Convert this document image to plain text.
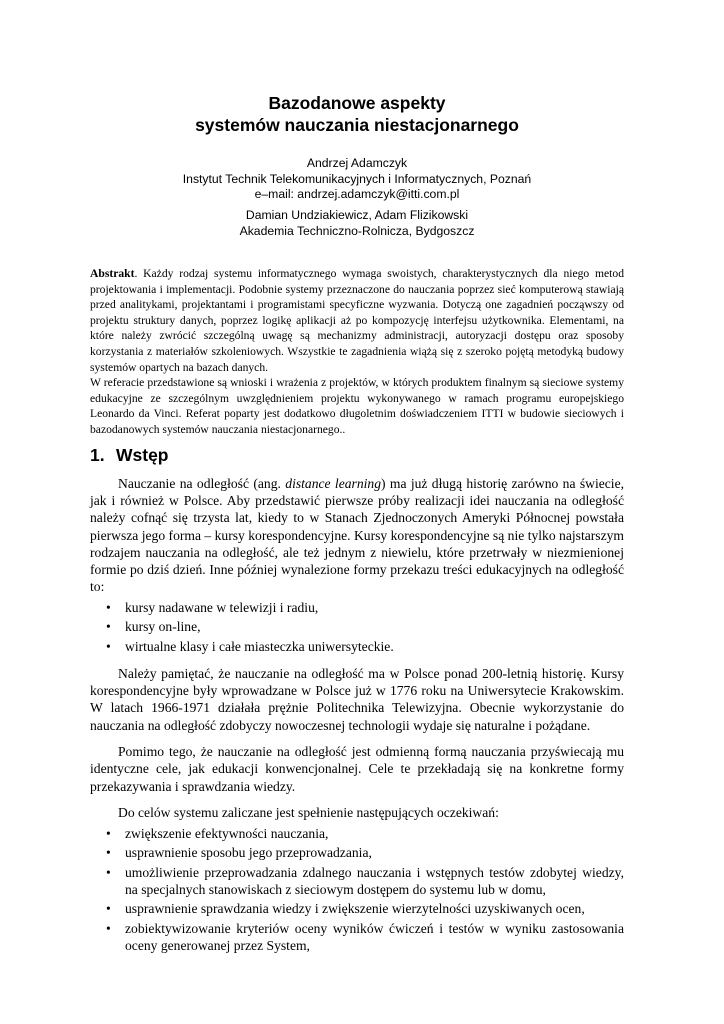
Bazodanowe aspekty
systemów nauczania niestacjonarnego
Andrzej Adamczyk
Instytut Technik Telekomunikacyjnych i Informatycznych, Poznań
e–mail: andrzej.adamczyk@itti.com.pl
Damian Undziakiewicz, Adam Flizikowski
Akademia Techniczno-Rolnicza, Bydgoszcz

Abstrakt. Każdy rodzaj systemu informatycznego wymaga swoistych, charakterystycznych dla niego metod projektowania i implementacji. Podobnie systemy przeznaczone do nauczania poprzez sieć komputerową stawiają przed analitykami, projektantami i programistami specyficzne wyzwania. Dotyczą one zagadnień począwszy od projektu struktury danych, poprzez logikę aplikacji aż po kompozycję interfejsu użytkownika. Elementami, na które należy zwrócić szczególną uwagę są mechanizmy administracji, autoryzacji dostępu oraz sposoby korzystania z materiałów szkoleniowych. Wszystkie te zagadnienia wiążą się z szeroko pojętą metodyką budowy systemów opartych na bazach danych.

W referacie przedstawione są wnioski i wrażenia z projektów, w których produktem finalnym są sieciowe systemy edukacyjne ze szczególnym uwzględnieniem projektu wykonywanego w ramach programu europejskiego Leonardo da Vinci. Referat poparty jest dodatkowo długoletnim doświadczeniem ITTI w budowie sieciowych i bazodanowych systemów nauczania niestacjonarnego..

1. Wstęp

Nauczanie na odległość (ang. distance learning) ma już długą historię zarówno na świecie, jak i również w Polsce. Aby przedstawić pierwsze próby realizacji idei nauczania na odległość należy cofnąć się trzysta lat, kiedy to w Stanach Zjednoczonych Ameryki Północnej powstała pierwsza jego forma – kursy korespondencyjne. Kursy korespondencyjne są nie tylko najstarszym rodzajem nauczania na odległość, ale też jednym z niewielu, które przetrwały w niezmienionej formie po dziś dzień. Inne później wynalezione formy przekazu treści edukacyjnych na odległość to:

• kursy nadawane w telewizji i radiu,
• kursy on-line,
• wirtualne klasy i całe miasteczka uniwersyteckie.

Należy pamiętać, że nauczanie na odległość ma w Polsce ponad 200-letnią historię. Kursy korespondencyjne były wprowadzane w Polsce już w 1776 roku na Uniwersytecie Krakowskim. W latach 1966-1971 działała prężnie Politechnika Telewizyjna. Obecnie wykorzystanie do nauczania na odległość zdobyczy nowoczesnej technologii wydaje się naturalne i pożądane.

Pomimo tego, że nauczanie na odległość jest odmienną formą nauczania przyświecają mu identyczne cele, jak edukacji konwencjonalnej. Cele te przekładają się na konkretne formy przekazywania i sprawdzania wiedzy.

Do celów systemu zaliczane jest spełnienie następujących oczekiwań:

• zwiększenie efektywności nauczania,
• usprawnienie sposobu jego przeprowadzania,
• umożliwienie przeprowadzania zdalnego nauczania i wstępnych testów zdobytej wiedzy, na specjalnych stanowiskach z sieciowym dostępem do systemu lub w domu,
• usprawnienie sprawdzania wiedzy i zwiększenie wierzytelności uzyskiwanych ocen,
• zobiektywizowanie kryteriów oceny wyników ćwiczeń i testów w wyniku zastosowania oceny generowanej przez System,
